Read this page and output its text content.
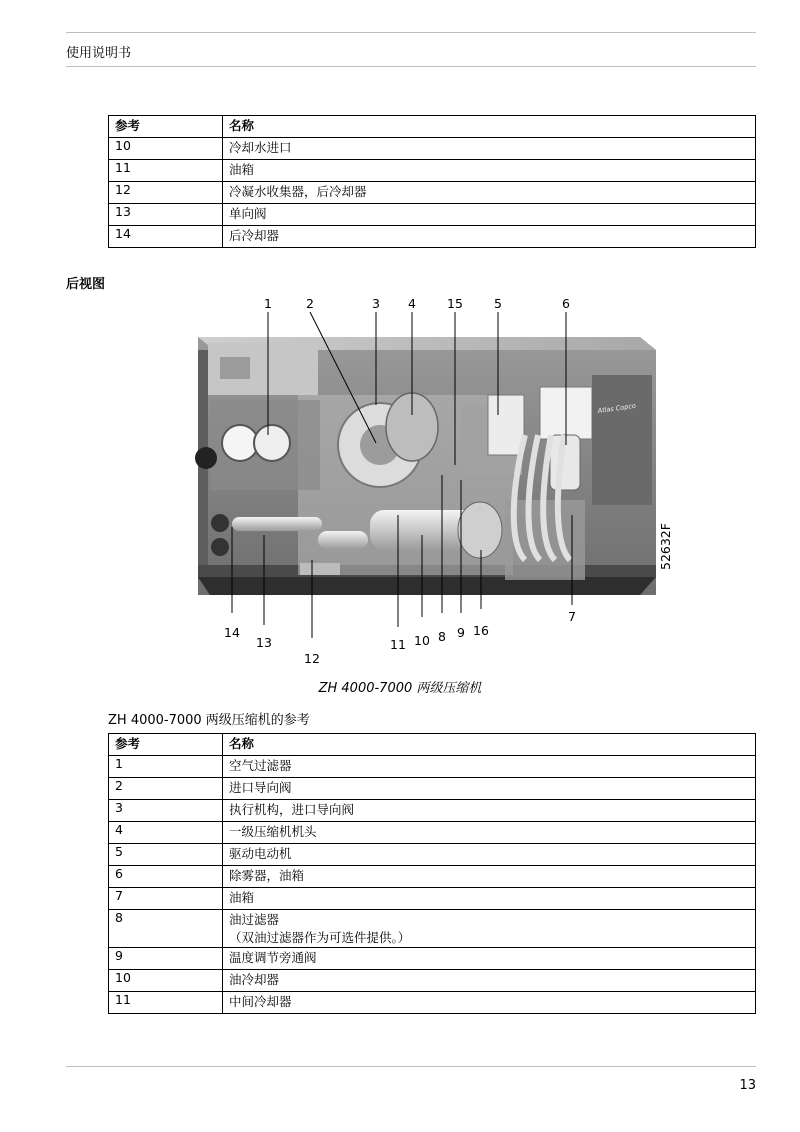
使用说明书
参考	名称
10	冷却水进口
11	油箱
12	冷凝水收集器，后冷却器
13	单向阀
14	后冷却器
后视图
1	2	3 4 15 5	6
14
13
12
11 10 8 9 16
7
52632F
Atlas Copco
ZH 4000-7000 两级压缩机
ZH 4000-7000 两级压缩机的参考
参考	名称
1	空气过滤器
2	进口导向阀
3	执行机构，进口导向阀
4	一级压缩机机头
5	驱动电动机
6	除雾器，油箱
7	油箱
8	油过滤器
（双油过滤器作为可选件提供。）

9	温度调节旁通阀
10	油冷却器
11	中间冷却器
13
